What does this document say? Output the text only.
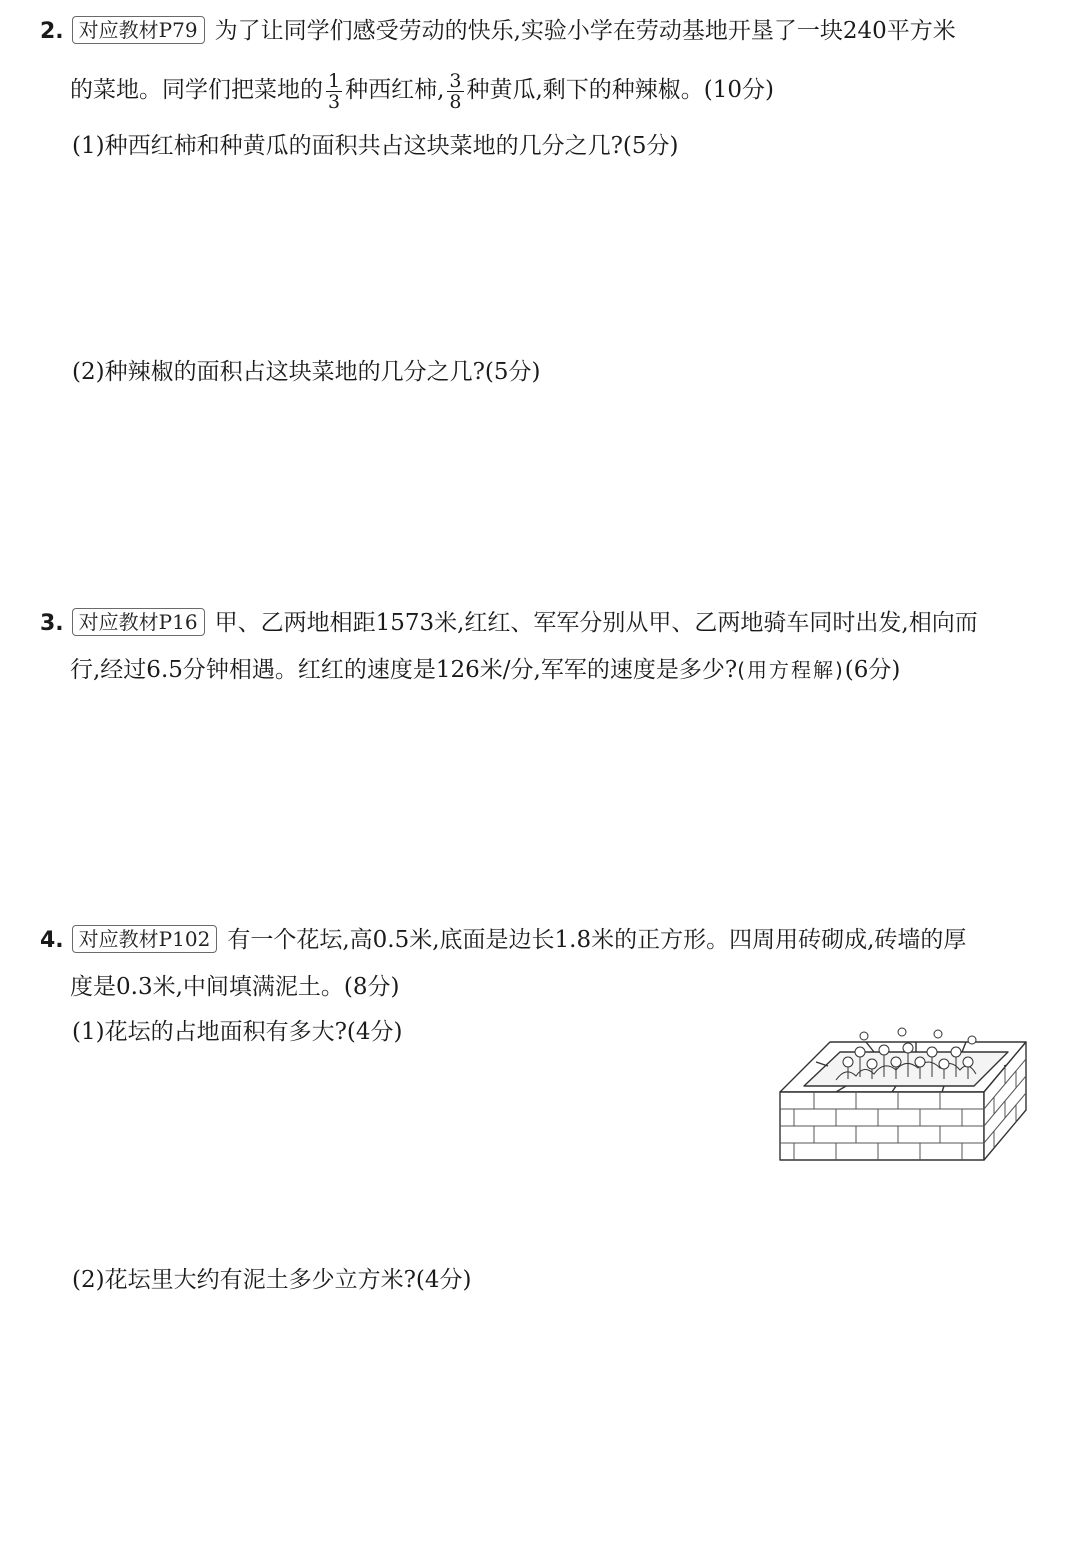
2. 对应教材P79 为了让同学们感受劳动的快乐,实验小学在劳动基地开垦了一块240平方米
的菜地。同学们把菜地的 $\frac{1}{3}$ 种西红柿, $\frac{3}{8}$ 种黄瓜,剩下的种辣椒。(10分)
(1)种西红柿和种黄瓜的面积共占这块菜地的几分之几?(5分)
(2)种辣椒的面积占这块菜地的几分之几?(5分)
3. 对应教材P16 甲、乙两地相距1573米,红红、军军分别从甲、乙两地骑车同时出发,相向而
行,经过6.5分钟相遇。红红的速度是126米/分,军军的速度是多少?(用方程解)(6分)
4. 对应教材P102 有一个花坛,高0.5米,底面是边长1.8米的正方形。四周用砖砌成,砖墙的厚
度是0.3米,中间填满泥土。(8分)
(1)花坛的占地面积有多大?(4分)
(2)花坛里大约有泥土多少立方米?(4分)
